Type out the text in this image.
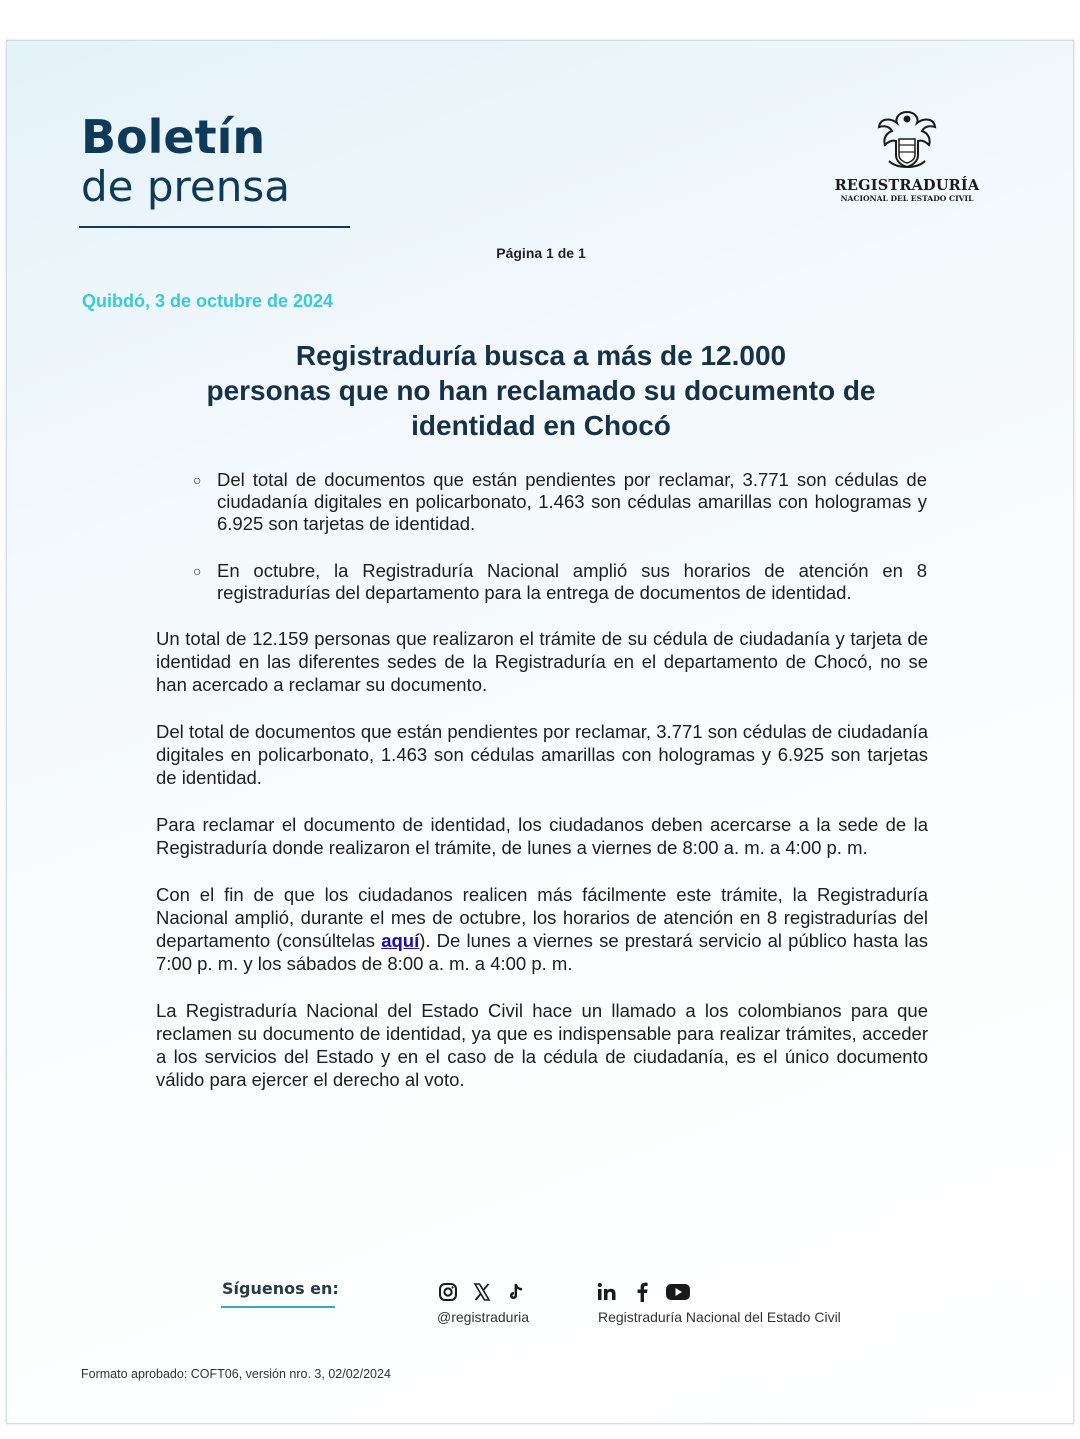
Boletín
de prensa	REGISTRADURÍA
NACIONAL DEL ESTADO CIVIL
Página 1 de 1
Quibdó, 3 de octubre de 2024
Registraduría busca a más de 12.000
personas que no han reclamado su documento de
identidad en Chocó
○ Del total de documentos que están pendientes por reclamar, 3.771 son cédulas de ciudadanía digitales en policarbonato, 1.463 son cédulas amarillas con hologramas y 6.925 son tarjetas de identidad.
○ En octubre, la Registraduría Nacional amplió sus horarios de atención en 8 registradurías del departamento para la entrega de documentos de identidad.

Un total de 12.159 personas que realizaron el trámite de su cédula de ciudadanía y tarjeta de identidad en las diferentes sedes de la Registraduría en el departamento de Chocó, no se han acercado a reclamar su documento.

Del total de documentos que están pendientes por reclamar, 3.771 son cédulas de ciudadanía digitales en policarbonato, 1.463 son cédulas amarillas con hologramas y 6.925 son tarjetas de identidad.

Para reclamar el documento de identidad, los ciudadanos deben acercarse a la sede de la Registraduría donde realizaron el trámite, de lunes a viernes de 8:00 a. m. a 4:00 p. m.

Con el fin de que los ciudadanos realicen más fácilmente este trámite, la Registraduría Nacional amplió, durante el mes de octubre, los horarios de atención en 8 registradurías del departamento (consúltelas aquí). De lunes a viernes se prestará servicio al público hasta las 7:00 p. m. y los sábados de 8:00 a. m. a 4:00 p. m.

La Registraduría Nacional del Estado Civil hace un llamado a los colombianos para que reclamen su documento de identidad, ya que es indispensable para realizar trámites, acceder a los servicios del Estado y en el caso de la cédula de ciudadanía, es el único documento válido para ejercer el derecho al voto.

Síguenos en:
@registraduria	Registraduría Nacional del Estado Civil
Formato aprobado: COFT06, versión nro. 3, 02/02/2024
